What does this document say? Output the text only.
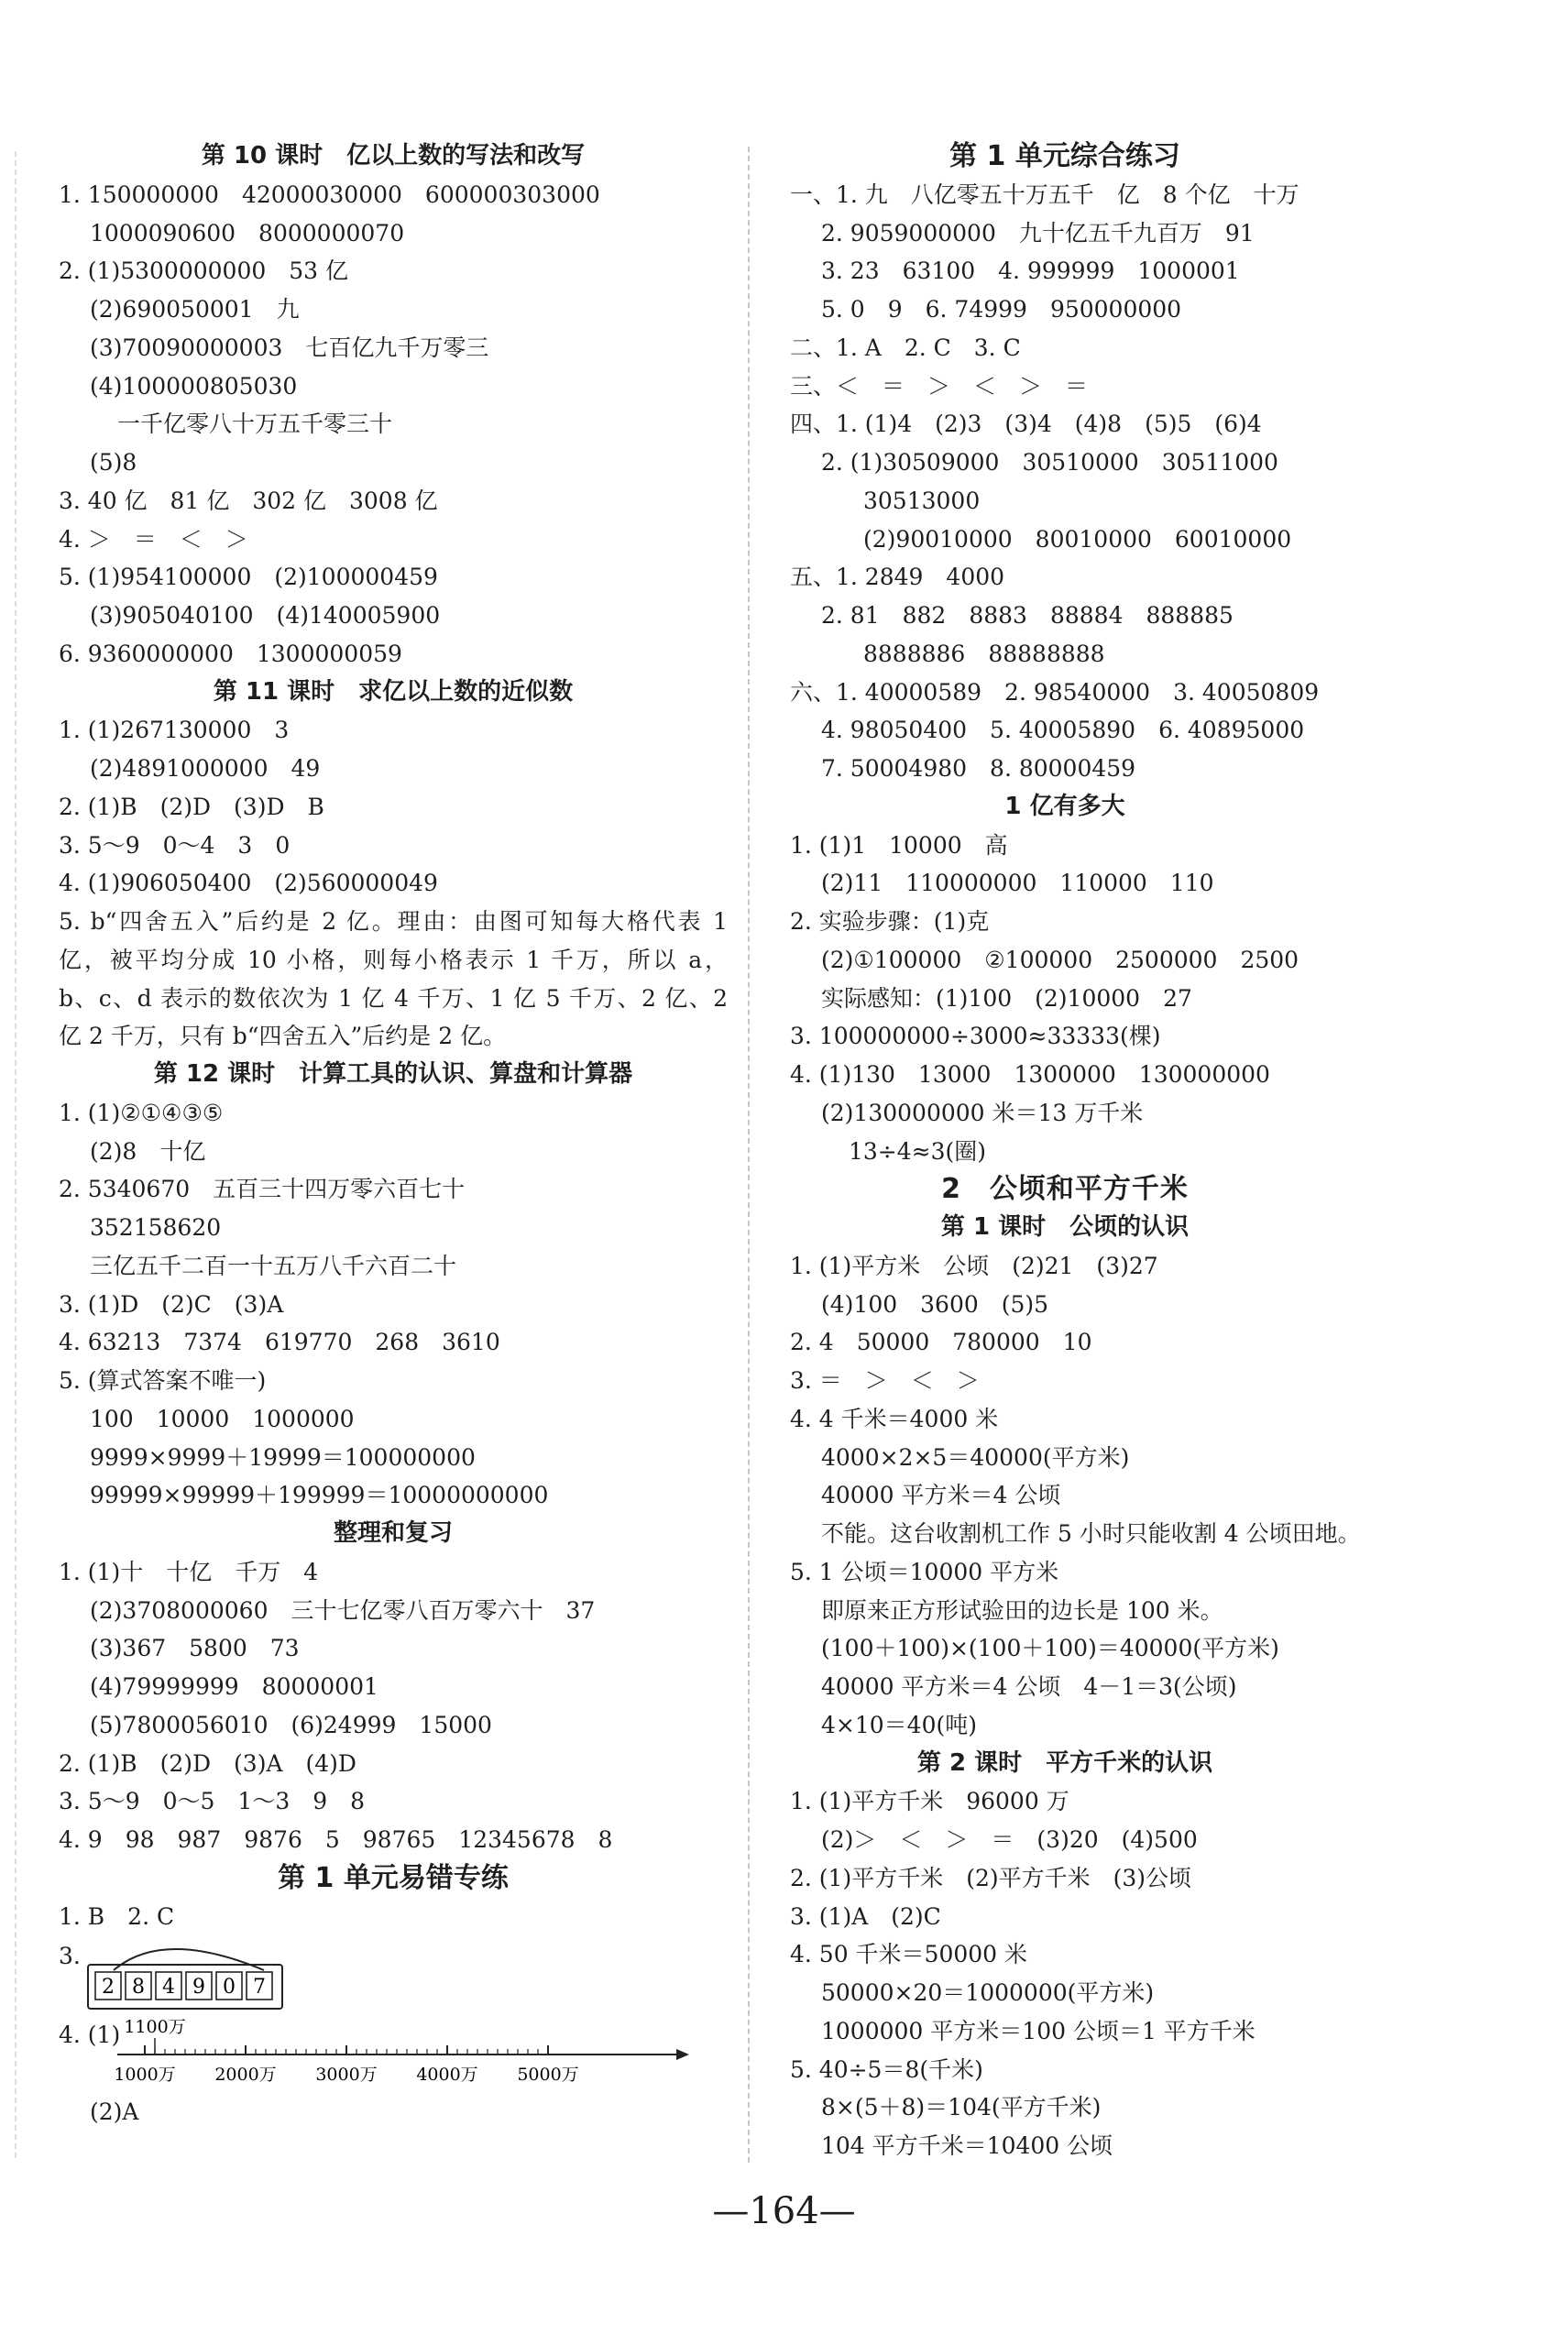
第 10 课时　亿以上数的写法和改写
1. 150000000　42000030000　600000303000
1000090600　8000000070
2. (1)5300000000　53 亿
(2)690050001　九
(3)70090000003　七百亿九千万零三
(4)100000805030
一千亿零八十万五千零三十
(5)8
3. 40 亿　81 亿　302 亿　3008 亿
4. ＞　＝　＜　＞
5. (1)954100000　(2)100000459
(3)905040100　(4)140005900
6. 9360000000　1300000059
第 11 课时　求亿以上数的近似数
1. (1)267130000　3
(2)4891000000　49
2. (1)B　(2)D　(3)D　B
3. 5～9　0～4　3　0
4. (1)906050400　(2)560000049
5. b“四舍五入”后约是 2 亿。理由：由图可知每大格代表 1
亿，被平均分成 10 小格，则每小格表示 1 千万，所以 a，
b、c、d 表示的数依次为 1 亿 4 千万、1 亿 5 千万、2 亿、2
亿 2 千万，只有 b“四舍五入”后约是 2 亿。
第 12 课时　计算工具的认识、算盘和计算器
1. (1)②①④③⑤
(2)8　十亿
2. 5340670　五百三十四万零六百七十
352158620
三亿五千二百一十五万八千六百二十
3. (1)D　(2)C　(3)A
4. 63213　7374　619770　268　3610
5. (算式答案不唯一)
100　10000　1000000
9999×9999＋19999＝100000000
99999×99999＋199999＝10000000000
整理和复习
1. (1)十　十亿　千万　4
(2)3708000060　三十七亿零八百万零六十　37
(3)367　5800　73
(4)79999999　80000001
(5)7800056010　(6)24999　15000
2. (1)B　(2)D　(3)A　(4)D
3. 5～9　0～5　1～3　9　8
4. 9　98　987　9876　5　98765　12345678　8
第 1 单元易错专练
1. B　2. C
3.
2 8 4 9 0 7
4. (1)
1000万 2000万 3000万 4000万 5000万
1100万
(2)A
第 1 单元综合练习
一、1. 九　八亿零五十万五千　亿　8 个亿　十万
2. 9059000000　九十亿五千九百万　91
3. 23　63100　4. 999999　1000001
5. 0　9　6. 74999　950000000
二、1. A　2. C　3. C
三、＜　＝　＞　＜　＞　＝
四、1. (1)4　(2)3　(3)4　(4)8　(5)5　(6)4
2. (1)30509000　30510000　30511000
30513000
(2)90010000　80010000　60010000
五、1. 2849　4000
2. 81　882　8883　88884　888885
8888886　88888888
六、1. 40000589　2. 98540000　3. 40050809
4. 98050400　5. 40005890　6. 40895000
7. 50004980　8. 80000459
1 亿有多大
1. (1)1　10000　高
(2)11　110000000　110000　110
2. 实验步骤：(1)克
(2)①100000　②100000　2500000　2500
实际感知：(1)100　(2)10000　27
3. 100000000÷3000≈33333(棵)
4. (1)130　13000　1300000　130000000
(2)130000000 米＝13 万千米
13÷4≈3(圈)
2　公顷和平方千米
第 1 课时　公顷的认识
1. (1)平方米　公顷　(2)21　(3)27
(4)100　3600　(5)5
2. 4　50000　780000　10
3. ＝　＞　＜　＞
4. 4 千米＝4000 米
4000×2×5＝40000(平方米)
40000 平方米＝4 公顷
不能。这台收割机工作 5 小时只能收割 4 公顷田地。
5. 1 公顷＝10000 平方米
即原来正方形试验田的边长是 100 米。
(100＋100)×(100＋100)＝40000(平方米)
40000 平方米＝4 公顷　4－1＝3(公顷)
4×10＝40(吨)
第 2 课时　平方千米的认识
1. (1)平方千米　96000 万
(2)＞　＜　＞　＝　(3)20　(4)500
2. (1)平方千米　(2)平方千米　(3)公顷
3. (1)A　(2)C
4. 50 千米＝50000 米
50000×20＝1000000(平方米)
1000000 平方米＝100 公顷＝1 平方千米
5. 40÷5＝8(千米)
8×(5＋8)＝104(平方千米)
104 平方千米＝10400 公顷
—164—
